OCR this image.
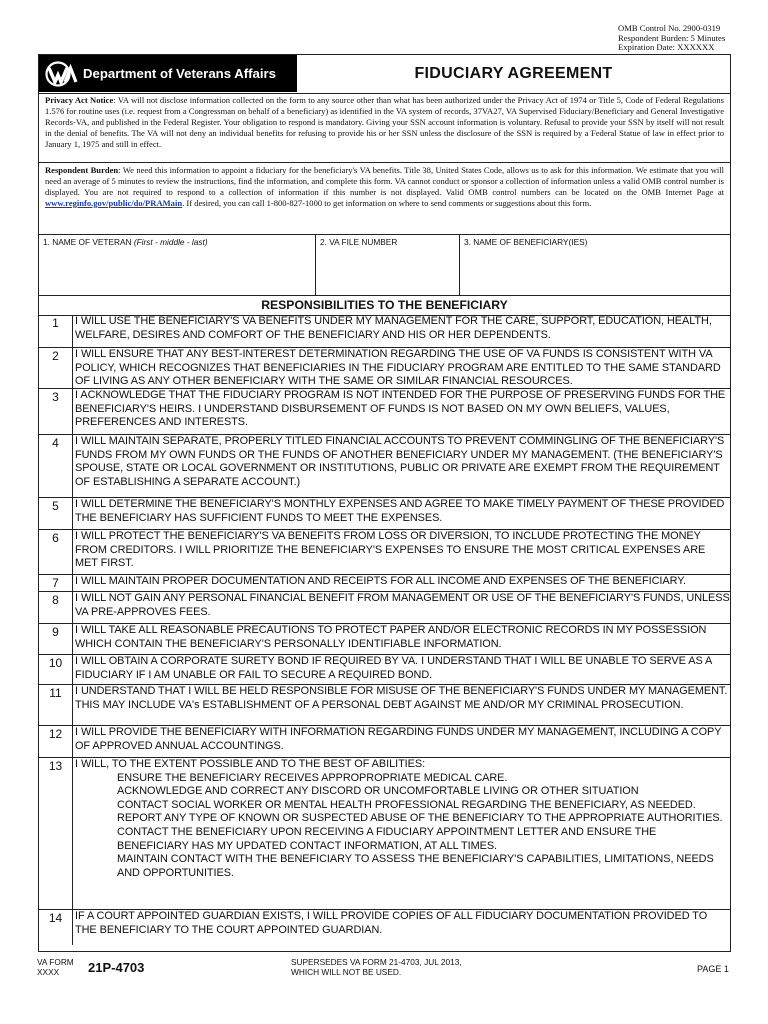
OMB Control No. 2900-0319
Respondent Burden: 5 Minutes
Expiration Date: XXXXXX
Department of Veterans Affairs	FIDUCIARY AGREEMENT
Privacy Act Notice: VA will not disclose information collected on the form to any source other than what has been authorized under the Privacy Act of 1974 or Title 5, Code of Federal Regulations 1.576 for routine uses (i.e. request from a Congressman on behalf of a beneficiary) as identified in the VA system of records, 37VA27, VA Supervised Fiduciary/Beneficiary and General Investigative Records-VA, and published in the Federal Register. Your obligation to respond is mandatory. Giving your SSN account information is voluntary. Refusal to provide your SSN by itself will not result in the denial of benefits. The VA will not deny an individual benefits for refusing to provide his or her SSN unless the disclosure of the SSN is required by a Federal Statue of law in effect prior to January 1, 1975 and still in effect.
Respondent Burden: We need this information to appoint a fiduciary for the beneficiary's VA benefits. Title 38, United States Code, allows us to ask for this information. We estimate that you will need an average of 5 minutes to review the instructions, find the information, and complete this form. VA cannot conduct or sponsor a collection of information unless a valid OMB control number is displayed. You are not required to respond to a collection of information if this number is not displayed. Valid OMB control numbers can be located on the OMB Internet Page at www.reginfo.gov/public/do/PRAMain. If desired, you can call 1-800-827-1000 to get information on where to send comments or suggestions about this form.
1. NAME OF VETERAN (First - middle - last)	2. VA FILE NUMBER	3. NAME OF BENEFICIARY(IES)
RESPONSIBILITIES TO THE BENEFICIARY
1	I WILL USE THE BENEFICIARY'S VA BENEFITS UNDER MY MANAGEMENT FOR THE CARE, SUPPORT, EDUCATION, HEALTH, WELFARE, DESIRES AND COMFORT OF THE BENEFICIARY AND HIS OR HER DEPENDENTS.
2	I WILL ENSURE THAT ANY BEST-INTEREST DETERMINATION REGARDING THE USE OF VA FUNDS IS CONSISTENT WITH VA POLICY, WHICH RECOGNIZES THAT BENEFICIARIES IN THE FIDUCIARY PROGRAM ARE ENTITLED TO THE SAME STANDARD OF LIVING AS ANY OTHER BENEFICIARY WITH THE SAME OR SIMILAR FINANCIAL RESOURCES.
3	I ACKNOWLEDGE THAT THE FIDUCIARY PROGRAM IS NOT INTENDED FOR THE PURPOSE OF PRESERVING FUNDS FOR THE BENEFICIARY'S HEIRS. I UNDERSTAND DISBURSEMENT OF FUNDS IS NOT BASED ON MY OWN BELIEFS, VALUES, PREFERENCES AND INTERESTS.
4	I WILL MAINTAIN SEPARATE, PROPERLY TITLED FINANCIAL ACCOUNTS TO PREVENT COMMINGLING OF THE BENEFICIARY'S FUNDS FROM MY OWN FUNDS OR THE FUNDS OF ANOTHER BENEFICIARY UNDER MY MANAGEMENT. (THE BENEFICIARY'S SPOUSE, STATE OR LOCAL GOVERNMENT OR INSTITUTIONS, PUBLIC OR PRIVATE ARE EXEMPT FROM THE REQUIREMENT OF ESTABLISHING A SEPARATE ACCOUNT.)
5	I WILL DETERMINE THE BENEFICIARY'S MONTHLY EXPENSES AND AGREE TO MAKE TIMELY PAYMENT OF THESE PROVIDED THE BENEFICIARY HAS SUFFICIENT FUNDS TO MEET THE EXPENSES.
6	I WILL PROTECT THE BENEFICIARY'S VA BENEFITS FROM LOSS OR DIVERSION, TO INCLUDE PROTECTING THE MONEY FROM CREDITORS. I WILL PRIORITIZE THE BENEFICIARY'S EXPENSES TO ENSURE THE MOST CRITICAL EXPENSES ARE MET FIRST.
7	I WILL MAINTAIN PROPER DOCUMENTATION AND RECEIPTS FOR ALL INCOME AND EXPENSES OF THE BENEFICIARY.
8	I WILL NOT GAIN ANY PERSONAL FINANCIAL BENEFIT FROM MANAGEMENT OR USE OF THE BENEFICIARY'S FUNDS, UNLESS VA PRE-APPROVES FEES.
9	I WILL TAKE ALL REASONABLE PRECAUTIONS TO PROTECT PAPER AND/OR ELECTRONIC RECORDS IN MY POSSESSION WHICH CONTAIN THE BENEFICIARY'S PERSONALLY IDENTIFIABLE INFORMATION.
10	I WILL OBTAIN A CORPORATE SURETY BOND IF REQUIRED BY VA. I UNDERSTAND THAT I WILL BE UNABLE TO SERVE AS A FIDUCIARY IF I AM UNABLE OR FAIL TO SECURE A REQUIRED BOND.
11	I UNDERSTAND THAT I WILL BE HELD RESPONSIBLE FOR MISUSE OF THE BENEFICIARY'S FUNDS UNDER MY MANAGEMENT. THIS MAY INCLUDE VA's ESTABLISHMENT OF A PERSONAL DEBT AGAINST ME AND/OR MY CRIMINAL PROSECUTION.
12	I WILL PROVIDE THE BENEFICIARY WITH INFORMATION REGARDING FUNDS UNDER MY MANAGEMENT, INCLUDING A COPY OF APPROVED ANNUAL ACCOUNTINGS.
13	I WILL, TO THE EXTENT POSSIBLE AND TO THE BEST OF ABILITIES:
ENSURE THE BENEFICIARY RECEIVES APPROPROPRIATE MEDICAL CARE.
ACKNOWLEDGE AND CORRECT ANY DISCORD OR UNCOMFORTABLE LIVING OR OTHER SITUATION
CONTACT SOCIAL WORKER OR MENTAL HEALTH PROFESSIONAL REGARDING THE BENEFICIARY, AS NEEDED.
REPORT ANY TYPE OF KNOWN OR SUSPECTED ABUSE OF THE BENEFICIARY TO THE APPROPRIATE AUTHORITIES.
CONTACT THE BENEFICIARY UPON RECEIVING A FIDUCIARY APPOINTMENT LETTER AND ENSURE THE BENEFICIARY HAS MY UPDATED CONTACT INFORMATION, AT ALL TIMES.
MAINTAIN CONTACT WITH THE BENEFICIARY TO ASSESS THE BENEFICIARY'S CAPABILITIES, LIMITATIONS, NEEDS AND OPPORTUNITIES.
14	IF A COURT APPOINTED GUARDIAN EXISTS, I WILL PROVIDE COPIES OF ALL FIDUCIARY DOCUMENTATION PROVIDED TO THE BENEFICIARY TO THE COURT APPOINTED GUARDIAN.
VA FORM
XXXX	21P-4703	SUPERSEDES VA FORM 21-4703, JUL 2013,
WHICH WILL NOT BE USED.	PAGE 1
